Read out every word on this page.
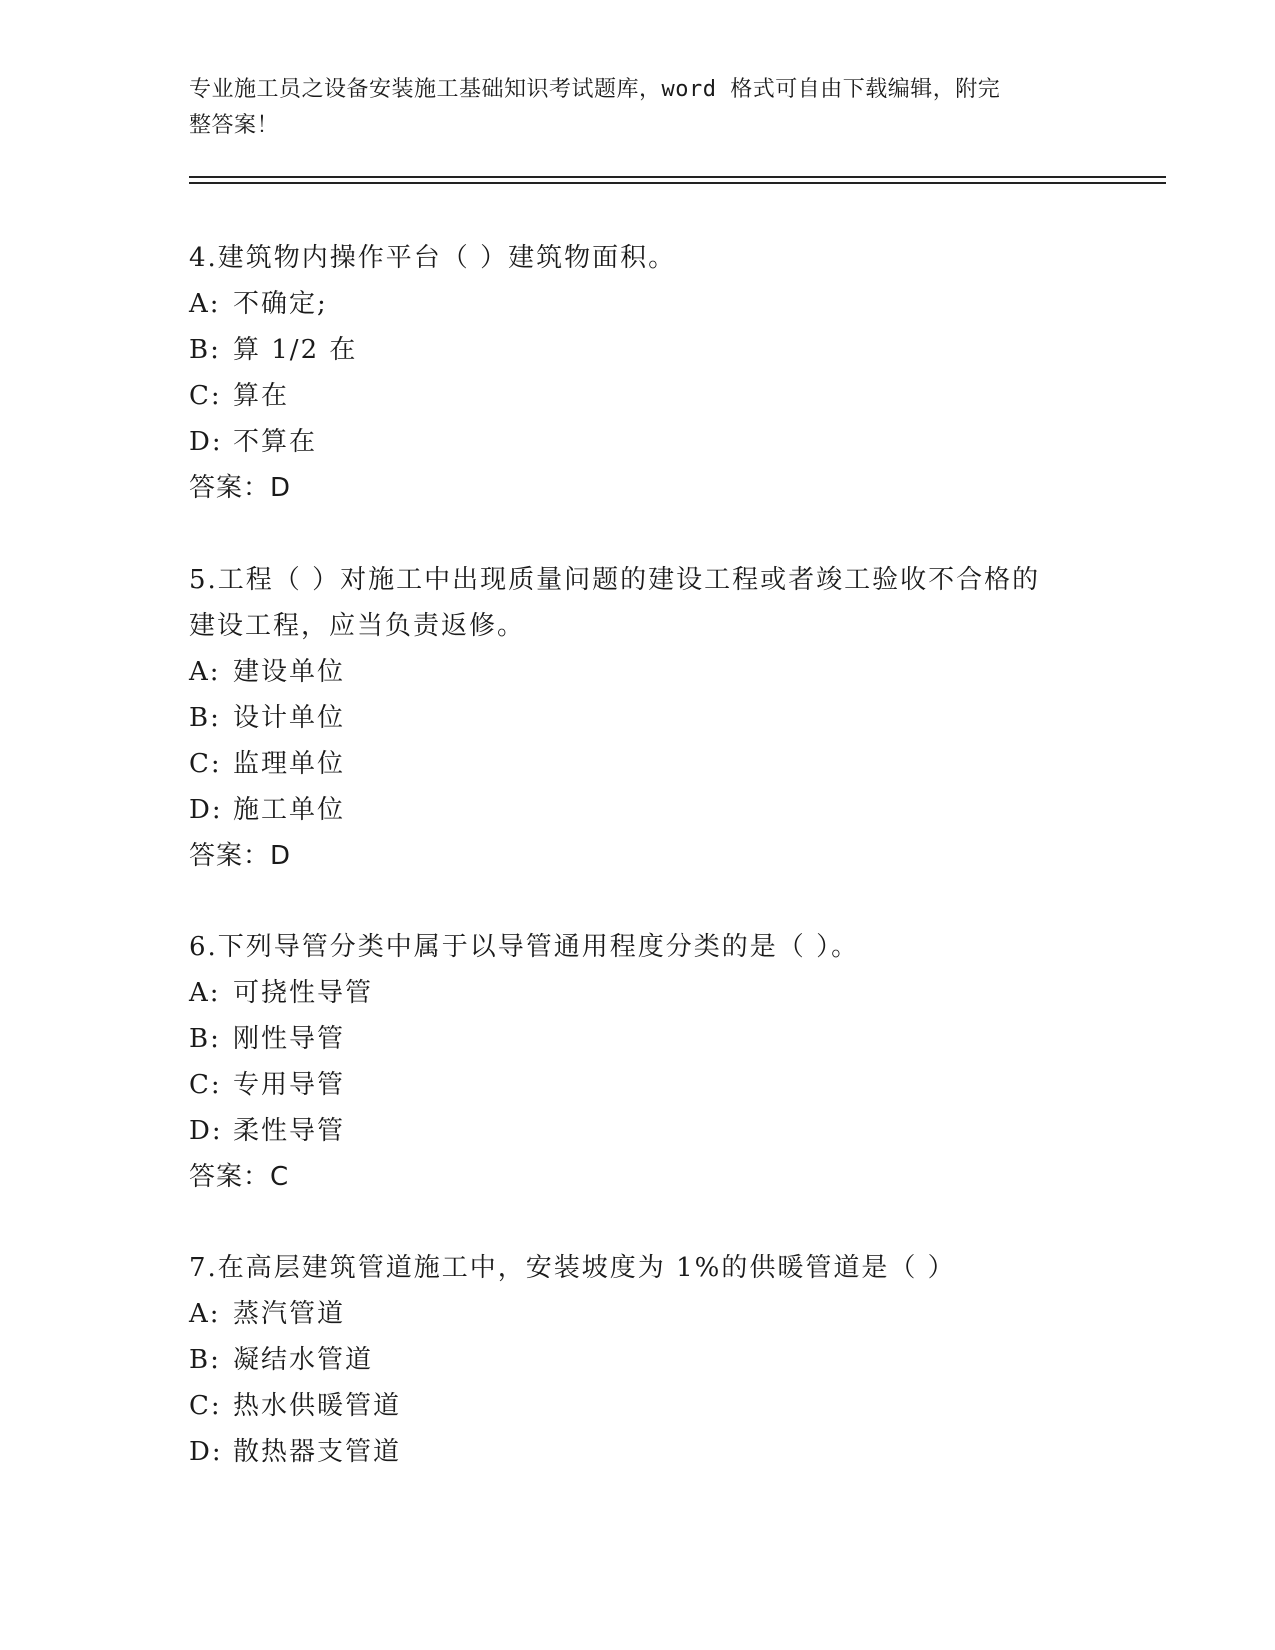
专业施工员之设备安装施工基础知识考试题库，word 格式可自由下载编辑，附完
整答案！
4.建筑物内操作平台（ ）建筑物面积。
A: 不确定;
B: 算 1/2 在
C: 算在
D: 不算在
答案：D
5.工程（ ）对施工中出现质量问题的建设工程或者竣工验收不合格的
建设工程，应当负责返修。
A: 建设单位
B: 设计单位
C: 监理单位
D: 施工单位
答案：D
6.下列导管分类中属于以导管通用程度分类的是（ ）。
A: 可挠性导管
B: 刚性导管
C: 专用导管
D: 柔性导管
答案：C
7.在高层建筑管道施工中，安装坡度为 1%的供暖管道是（ ）
A: 蒸汽管道
B: 凝结水管道
C: 热水供暖管道
D: 散热器支管道
